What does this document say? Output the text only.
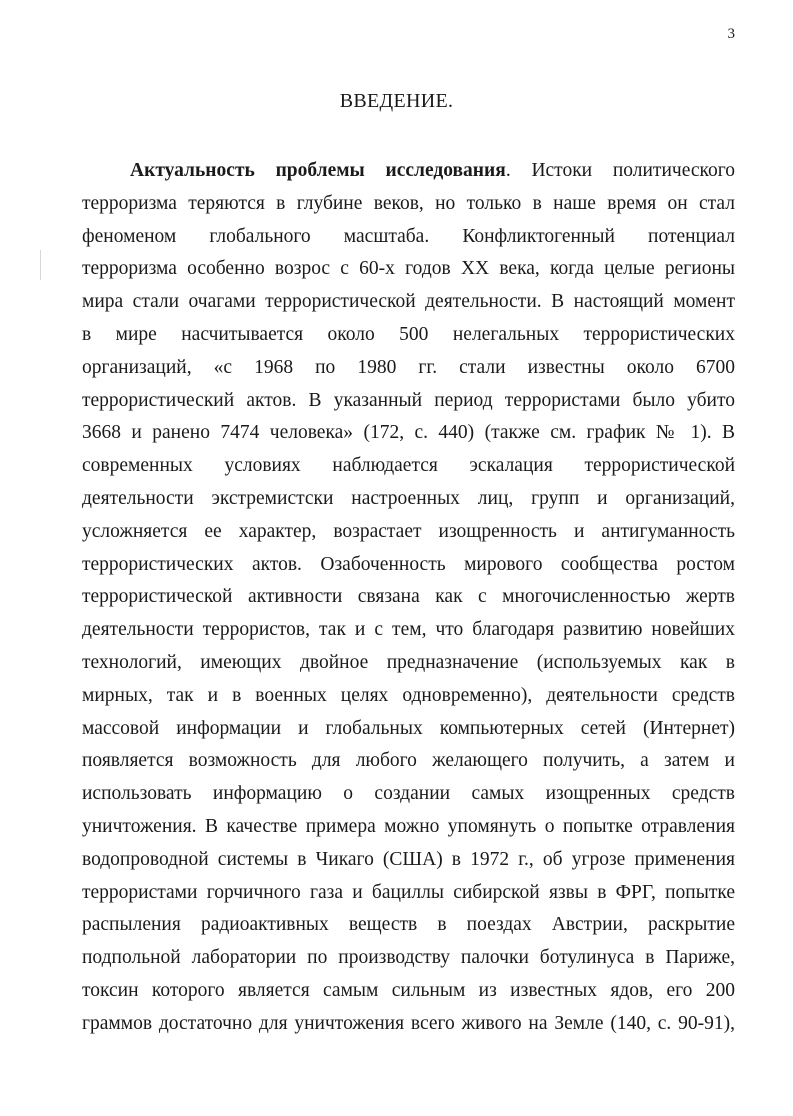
3
ВВЕДЕНИЕ.
Актуальность проблемы исследования. Истоки политического
терроризма теряются в глубине веков, но только в наше время он стал
феноменом глобального масштаба. Конфликтогенный потенциал
терроризма особенно возрос с 60-х годов XX века, когда целые регионы
мира стали очагами террористической деятельности. В настоящий момент
в мире насчитывается около 500 нелегальных террористических
организаций, «с 1968 по 1980 гг. стали известны около 6700
террористический актов. В указанный период террористами было убито
3668 и ранено 7474 человека» (172, с. 440) (также см. график № 1). В
современных условиях наблюдается эскалация террористической
деятельности экстремистски настроенных лиц, групп и организаций,
усложняется ее характер, возрастает изощренность и антигуманность
террористических актов. Озабоченность мирового сообщества ростом
террористической активности связана как с многочисленностью жертв
деятельности террористов, так и с тем, что благодаря развитию новейших
технологий, имеющих двойное предназначение (используемых как в
мирных, так и в военных целях одновременно), деятельности средств
массовой информации и глобальных компьютерных сетей (Интернет)
появляется возможность для любого желающего получить, а затем и
использовать информацию о создании самых изощренных средств
уничтожения. В качестве примера можно упомянуть о попытке отравления
водопроводной системы в Чикаго (США) в 1972 г., об угрозе применения
террористами горчичного газа и бациллы сибирской язвы в ФРГ, попытке
распыления радиоактивных веществ в поездах Австрии, раскрытие
подпольной лаборатории по производству палочки ботулинуса в Париже,
токсин которого является самым сильным из известных ядов, его 200
граммов достаточно для уничтожения всего живого на Земле (140, с. 90-91),
